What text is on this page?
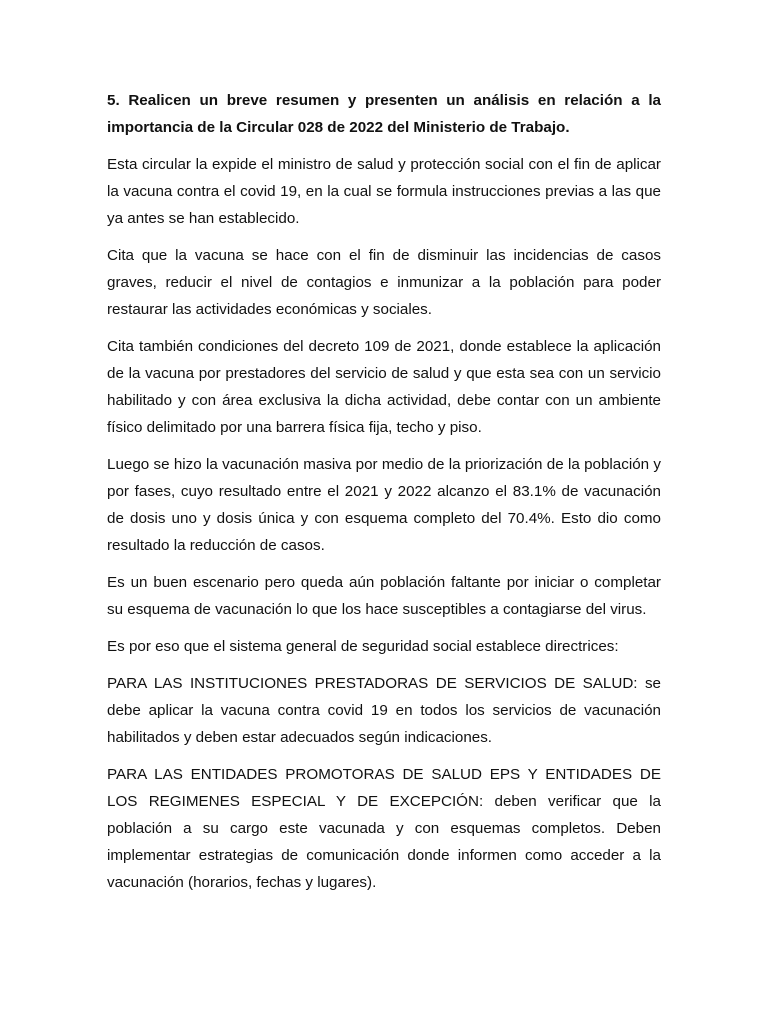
5. Realicen un breve resumen y presenten un análisis en relación a la importancia de la Circular 028 de 2022 del Ministerio de Trabajo.

Esta circular la expide el ministro de salud y protección social con el fin de aplicar la vacuna contra el covid 19, en la cual se formula instrucciones previas a las que ya antes se han establecido.

Cita que la vacuna se hace con el fin de disminuir las incidencias de casos graves, reducir el nivel de contagios e inmunizar a la población para poder restaurar las actividades económicas y sociales.

Cita también condiciones del decreto 109 de 2021, donde establece la aplicación de la vacuna por prestadores del servicio de salud y que esta sea con un servicio habilitado y con área exclusiva la dicha actividad, debe contar con un ambiente físico delimitado por una barrera física fija, techo y piso.

Luego se hizo la vacunación masiva por medio de la priorización de la población y por fases, cuyo resultado entre el 2021 y 2022 alcanzo el 83.1% de vacunación de dosis uno y dosis única y con esquema completo del 70.4%. Esto dio como resultado la reducción de casos.

Es un buen escenario pero queda aún población faltante por iniciar o completar su esquema de vacunación lo que los hace susceptibles a contagiarse del virus.

Es por eso que el sistema general de seguridad social establece directrices:

PARA LAS INSTITUCIONES PRESTADORAS DE SERVICIOS DE SALUD: se debe aplicar la vacuna contra covid 19 en todos los servicios de vacunación habilitados y deben estar adecuados según indicaciones.

PARA LAS ENTIDADES PROMOTORAS DE SALUD EPS Y ENTIDADES DE LOS REGIMENES ESPECIAL Y DE EXCEPCIÓN: deben verificar que la población a su cargo este vacunada y con esquemas completos. Deben implementar estrategias de comunicación donde informen como acceder a la vacunación (horarios, fechas y lugares).
